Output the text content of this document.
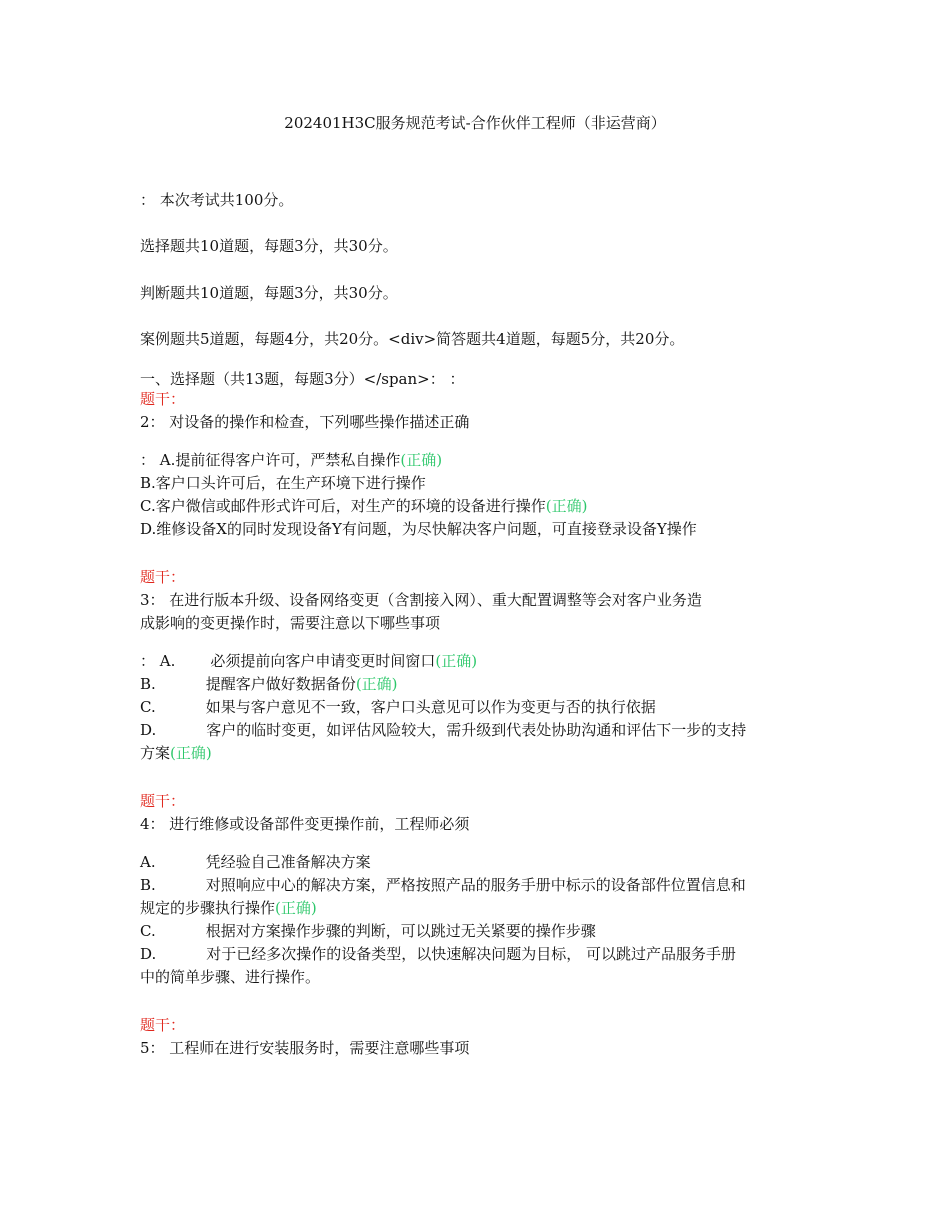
202401H3C服务规范考试-合作伙伴工程师（非运营商）
： 本次考试共100分。
选择题共10道题，每题3分，共30分。
判断题共10道题，每题3分，共30分。
案例题共5道题，每题4分，共20分。<div>简答题共4道题，每题5分，共20分。
一、选择题（共13题，每题3分）</span>： ：
题干：
2： 对设备的操作和检查，下列哪些操作描述正确
： A.提前征得客户许可，严禁私自操作(正确)
B.客户口头许可后，在生产环境下进行操作
C.客户微信或邮件形式许可后，对生产的环境的设备进行操作(正确)
D.维修设备X的同时发现设备Y有问题，为尽快解决客户问题，可直接登录设备Y操作
题干：
3： 在进行版本升级、设备网络变更（含割接入网）、重大配置调整等会对客户业务造
成影响的变更操作时，需要注意以下哪些事项
： A. 必须提前向客户申请变更时间窗口(正确)
B.	提醒客户做好数据备份(正确)
C.	如果与客户意见不一致，客户口头意见可以作为变更与否的执行依据
D.	客户的临时变更，如评估风险较大，需升级到代表处协助沟通和评估下一步的支持
方案(正确)
题干：
4： 进行维修或设备部件变更操作前，工程师必须
A.	凭经验自己准备解决方案
B.	对照响应中心的解决方案，严格按照产品的服务手册中标示的设备部件位置信息和
规定的步骤执行操作(正确)
C.	根据对方案操作步骤的判断，可以跳过无关紧要的操作步骤
D.	对于已经多次操作的设备类型，以快速解决问题为目标， 可以跳过产品服务手册
中的简单步骤、进行操作。
题干：
5： 工程师在进行安装服务时，需要注意哪些事项
